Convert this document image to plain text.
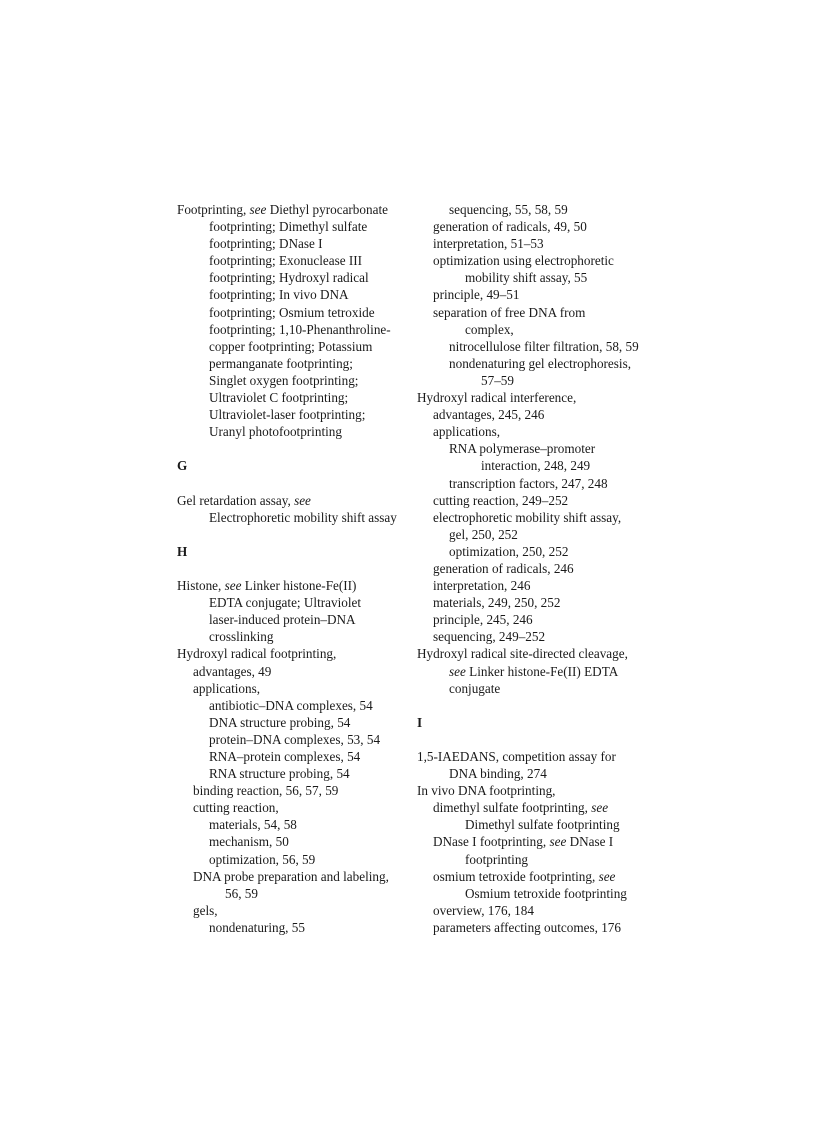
Footprinting, see Diethyl pyrocarbonate
footprinting; Dimethyl sulfate
footprinting; DNase I
footprinting; Exonuclease III
footprinting; Hydroxyl radical
footprinting; In vivo DNA
footprinting; Osmium tetroxide
footprinting; 1,10-Phenanthroline-
copper footprinting; Potassium
permanganate footprinting;
Singlet oxygen footprinting;
Ultraviolet C footprinting;
Ultraviolet-laser footprinting;
Uranyl photofootprinting
G
Gel retardation assay, see
Electrophoretic mobility shift assay
H
Histone, see Linker histone-Fe(II)
EDTA conjugate; Ultraviolet
laser-induced protein–DNA
crosslinking
Hydroxyl radical footprinting,
advantages, 49
applications,
antibiotic–DNA complexes, 54
DNA structure probing, 54
protein–DNA complexes, 53, 54
RNA–protein complexes, 54
RNA structure probing, 54
binding reaction, 56, 57, 59
cutting reaction,
materials, 54, 58
mechanism, 50
optimization, 56, 59
DNA probe preparation and labeling,
56, 59
gels,
nondenaturing, 55
sequencing, 55, 58, 59
generation of radicals, 49, 50
interpretation, 51–53
optimization using electrophoretic
mobility shift assay, 55
principle, 49–51
separation of free DNA from
complex,
nitrocellulose filter filtration, 58, 59
nondenaturing gel electrophoresis,
57–59
Hydroxyl radical interference,
advantages, 245, 246
applications,
RNA polymerase–promoter
interaction, 248, 249
transcription factors, 247, 248
cutting reaction, 249–252
electrophoretic mobility shift assay,
gel, 250, 252
optimization, 250, 252
generation of radicals, 246
interpretation, 246
materials, 249, 250, 252
principle, 245, 246
sequencing, 249–252
Hydroxyl radical site-directed cleavage,
see Linker histone-Fe(II) EDTA
conjugate
I
1,5-IAEDANS, competition assay for
DNA binding, 274
In vivo DNA footprinting,
dimethyl sulfate footprinting, see
Dimethyl sulfate footprinting
DNase I footprinting, see DNase I
footprinting
osmium tetroxide footprinting, see
Osmium tetroxide footprinting
overview, 176, 184
parameters affecting outcomes, 176
